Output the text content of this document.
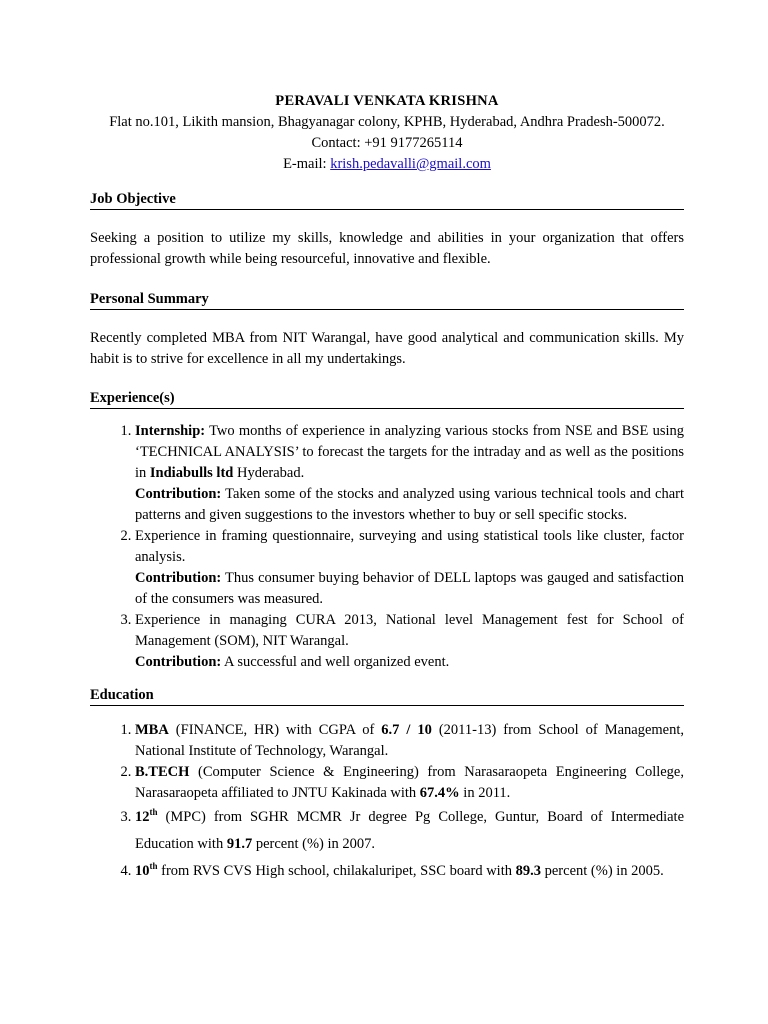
PERAVALI VENKATA KRISHNA
Flat no.101, Likith mansion, Bhagyanagar colony, KPHB, Hyderabad, Andhra Pradesh-500072.
Contact: +91 9177265114
E-mail: krish.pedavalli@gmail.com
Job Objective
Seeking a position to utilize my skills, knowledge and abilities in your organization that offers professional growth while being resourceful, innovative and flexible.
Personal Summary
Recently completed MBA from NIT Warangal, have good analytical and communication skills. My habit is to strive for excellence in all my undertakings.
Experience(s)
1. Internship: Two months of experience in analyzing various stocks from NSE and BSE using ‘TECHNICAL ANALYSIS’ to forecast the targets for the intraday and as well as the positions in Indiabulls ltd Hyderabad.
Contribution: Taken some of the stocks and analyzed using various technical tools and chart patterns and given suggestions to the investors whether to buy or sell specific stocks.
2. Experience in framing questionnaire, surveying and using statistical tools like cluster, factor analysis.
Contribution: Thus consumer buying behavior of DELL laptops was gauged and satisfaction of the consumers was measured.
3. Experience in managing CURA 2013, National level Management fest for School of Management (SOM), NIT Warangal.
Contribution: A successful and well organized event.
Education
1. MBA (FINANCE, HR) with CGPA of 6.7 / 10 (2011-13) from School of Management, National Institute of Technology, Warangal.
2. B.TECH (Computer Science & Engineering) from Narasaraopeta Engineering College, Narasaraopeta affiliated to JNTU Kakinada with 67.4% in 2011.
3. 12th (MPC) from SGHR MCMR Jr degree Pg College, Guntur, Board of Intermediate Education with 91.7 percent (%) in 2007.
4. 10th from RVS CVS High school, chilakaluripet, SSC board with 89.3 percent (%) in 2005.
